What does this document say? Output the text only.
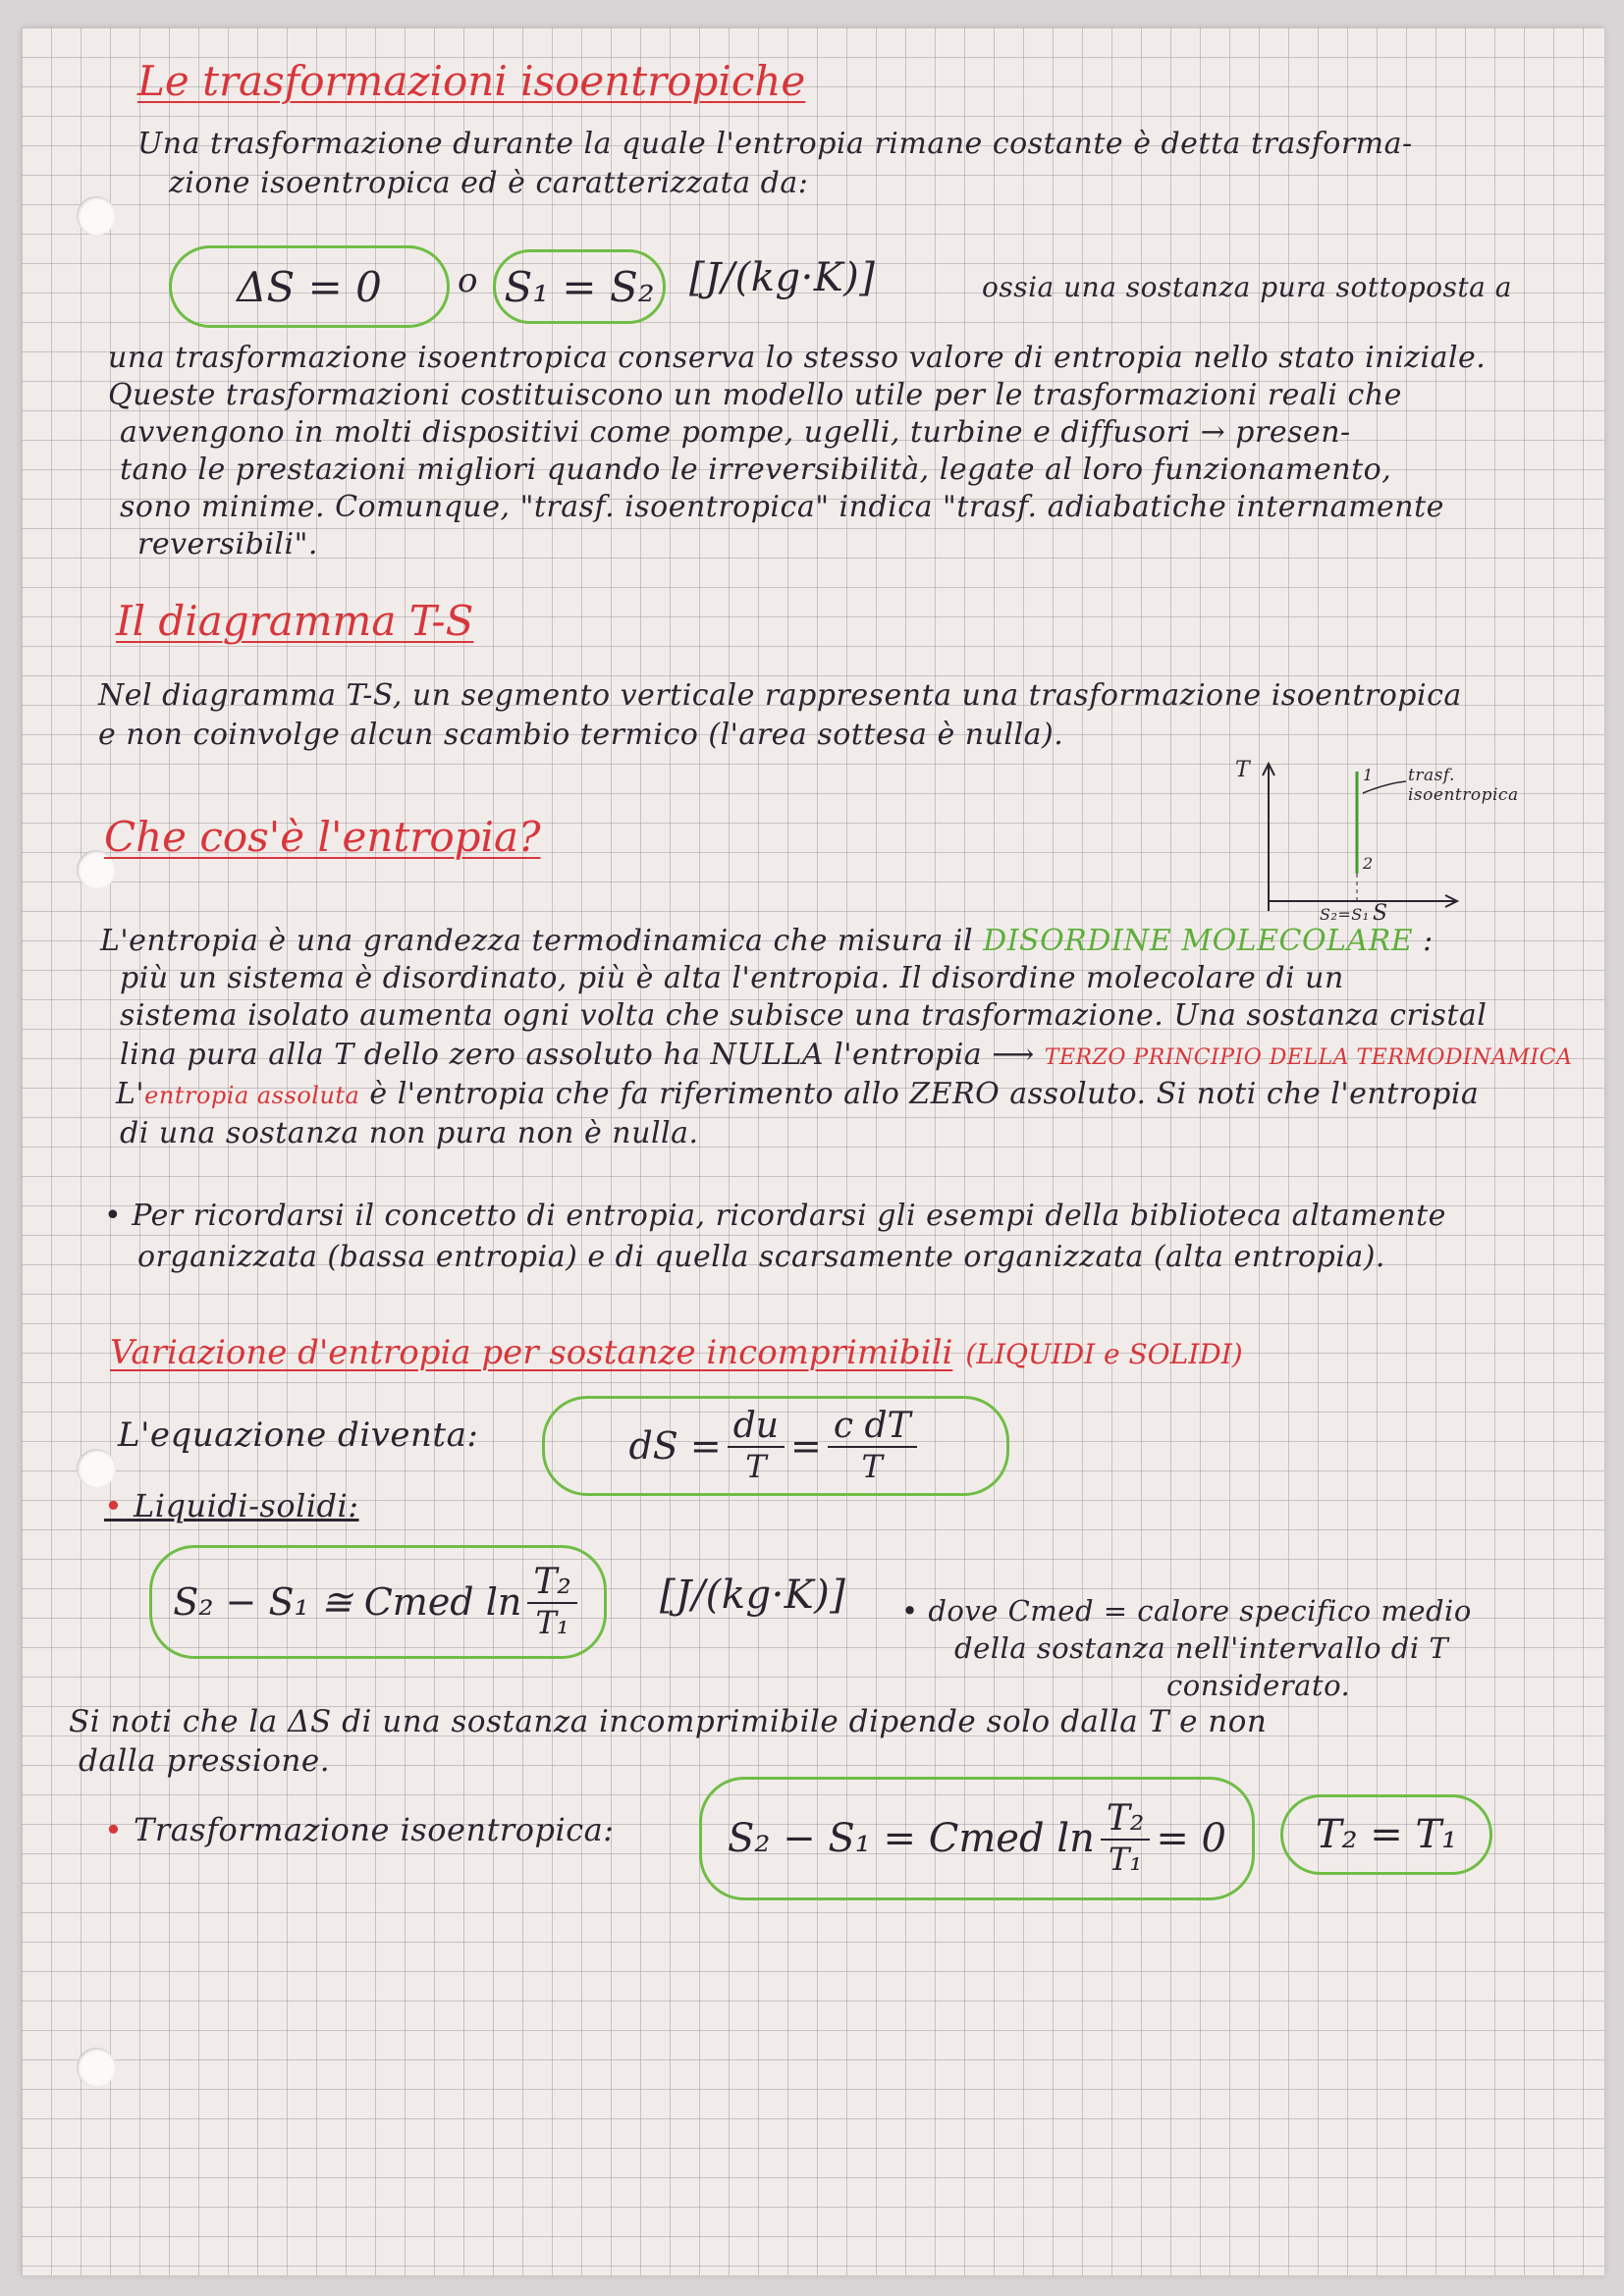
Le trasformazioni isoentropiche
Una trasformazione durante la quale l'entropia rimane costante è detta trasforma-
zione isoentropica ed è caratterizzata da:
ΔS = 0 o S₁ = S₂ [J/(kg·K)]	ossia una sostanza pura sottoposta a
una trasformazione isoentropica conserva lo stesso valore di entropia nello stato iniziale.
Queste trasformazioni costituiscono un modello utile per le trasformazioni reali che
avvengono in molti dispositivi come pompe, ugelli, turbine e diffusori → presen-
tano le prestazioni migliori quando le irreversibilità, legate al loro funzionamento,
sono minime. Comunque, "trasf. isoentropica" indica "trasf. adiabatiche internamente
reversibili".
Il diagramma T-S
Nel diagramma T-S, un segmento verticale rappresenta una trasformazione isoentropica
e non coinvolge alcun scambio termico (l'area sottesa è nulla).
T
S
1
2
S₂=S₁
trasf. isoentropica
Che cos'è l'entropia?
L'entropia è una grandezza termodinamica che misura il DISORDINE MOLECOLARE :
più un sistema è disordinato, più è alta l'entropia. Il disordine molecolare di un
sistema isolato aumenta ogni volta che subisce una trasformazione. Una sostanza cristal
lina pura alla T dello zero assoluto ha NULLA l'entropia ⟶ TERZO PRINCIPIO DELLA TERMODINAMICA
L'entropia assoluta è l'entropia che fa riferimento allo ZERO assoluto. Si noti che l'entropia
di una sostanza non pura non è nulla.
• Per ricordarsi il concetto di entropia, ricordarsi gli esempi della biblioteca altamente
organizzata (bassa entropia) e di quella scarsamente organizzata (alta entropia).
Variazione d'entropia per sostanze incomprimibili (LIQUIDI e SOLIDI)
L'equazione diventa:	dS = $\frac{du}{T} = \frac{\text{c dT}}{T}$
• Liquidi-solidi:
S₂ − S₁ ≅ Cmed $\ln \frac{\text{T₂}}{\text{T₁}} [J/(kg\cdot K)]$ • dove Cmed = calore specifico medio
della sostanza nell'intervallo di T
considerato.
Si noti che la ΔS di una sostanza incomprimibile dipende solo dalla T e non
dalla pressione.
• Trasformazione isoentropica:	S₂ − S₁ = Cmed $\ln \frac{\text{T₂}}{\text{T₁}} = 0$ T₂ = T₁
